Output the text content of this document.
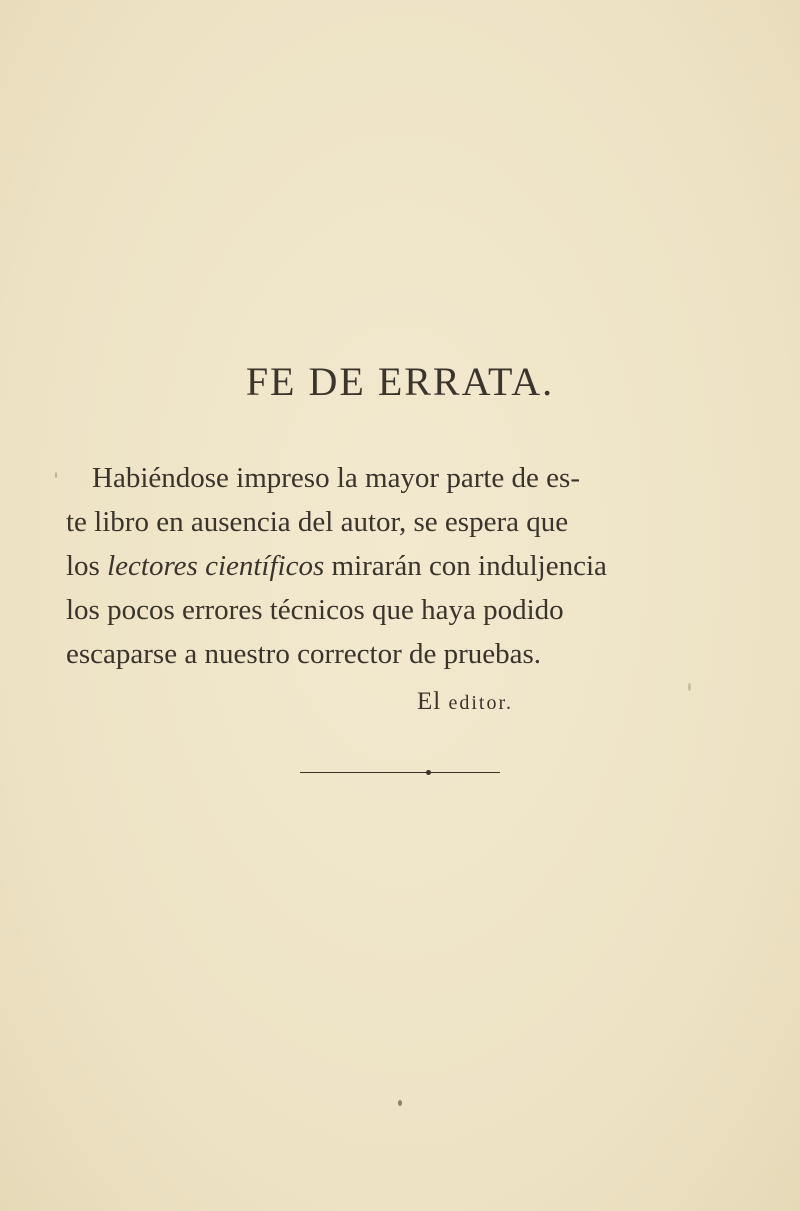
FE DE ERRATA.
Habiéndose impreso la mayor parte de es-
te libro en ausencia del autor, se espera que
los lectores científicos mirarán con induljencia
los pocos errores técnicos que haya podido
escaparse a nuestro corrector de pruebas.
El editor.
